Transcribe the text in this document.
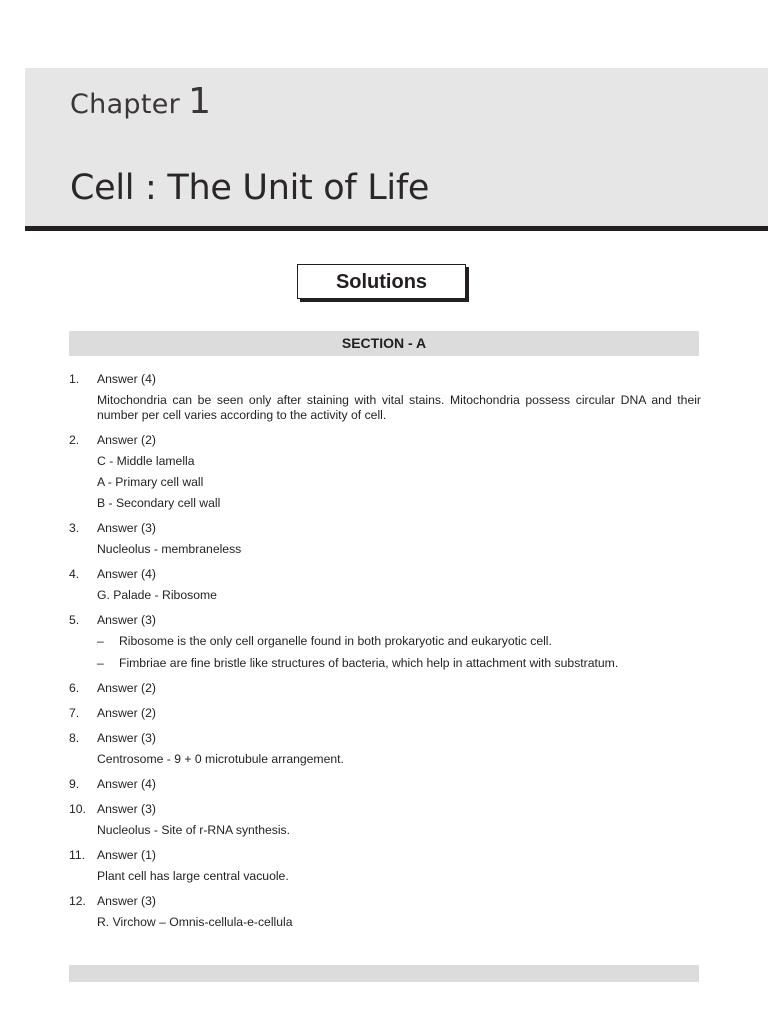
Chapter 1
Cell : The Unit of Life
Solutions
SECTION - A
1. Answer (4)
Mitochondria can be seen only after staining with vital stains. Mitochondria possess circular DNA and their number per cell varies according to the activity of cell.
2. Answer (2)
C - Middle lamella
A - Primary cell wall
B - Secondary cell wall
3. Answer (3)
Nucleolus - membraneless
4. Answer (4)
G. Palade - Ribosome
5. Answer (3)
– Ribosome is the only cell organelle found in both prokaryotic and eukaryotic cell.
– Fimbriae are fine bristle like structures of bacteria, which help in attachment with substratum.
6. Answer (2)
7. Answer (2)
8. Answer (3)
Centrosome - 9 + 0 microtubule arrangement.
9. Answer (4)
10. Answer (3)
Nucleolus - Site of r-RNA synthesis.
11. Answer (1)
Plant cell has large central vacuole.
12. Answer (3)
R. Virchow – Omnis-cellula-e-cellula
